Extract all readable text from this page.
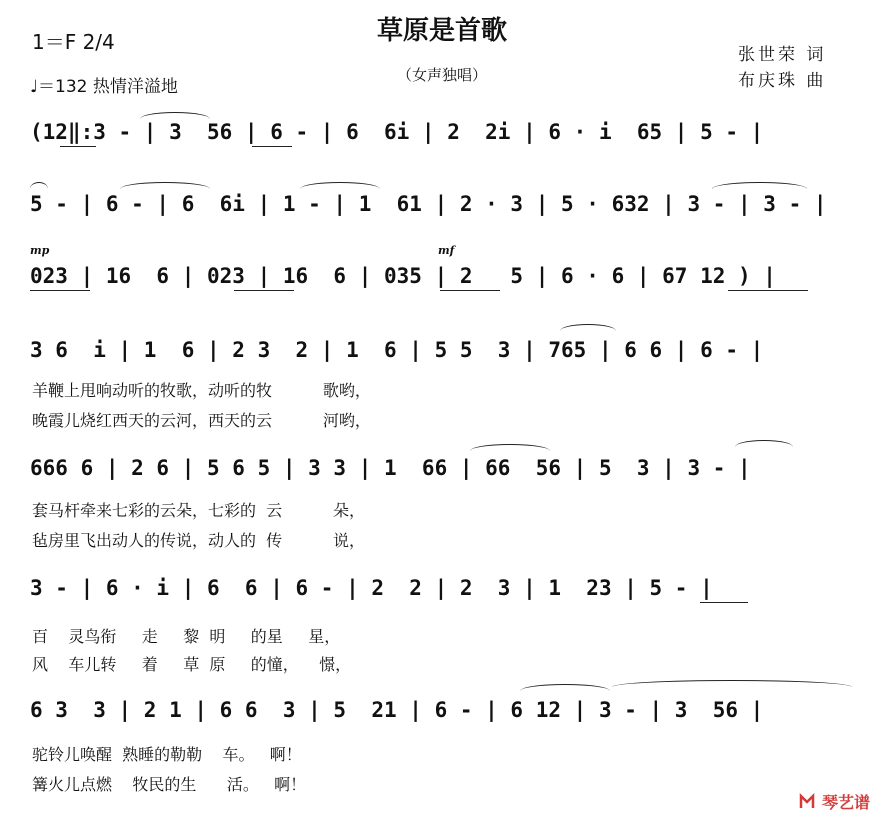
草原是首歌
（女声独唱）
1＝F 2/4
♩＝132 热情洋溢地
张世荣 词
布庆珠 曲
(12‖:3 - | 3  56 | 6 - | 6  6i | 2  2i | 6 · i  65 | 5 - |
5 - | 6 - | 6  6i | 1 - | 1  61 | 2 · 3 | 5 · 632 | 3 - | 3 - |
mp	mf
023 | 16  6 | 023 | 16  6 | 035 | 2   5 | 6 · 6 | 67 12 ) |
3 6  i | 1  6 | 2 3  2 | 1  6 | 5 5  3 | 765 | 6 6 | 6 - |
羊鞭上甩响动听的牧歌，动听的牧          歌哟，
晚霞儿烧红西天的云河，西天的云          河哟，
666 6 | 2 6 | 5 6 5 | 3 3 | 1  66 | 66  56 | 5  3 | 3 - |
套马杆牵来七彩的云朵，七彩的  云          朵，
毡房里飞出动人的传说，动人的  传          说，
3 - | 6 · i | 6  6 | 6 - | 2  2 | 2  3 | 1  23 | 5 - |
百    灵鸟衔     走     黎  明     的星     星，
风    车儿转     着     草  原     的憧，    憬，
6 3  3 | 2 1 | 6 6  3 | 5  21 | 6 - | 6 12 | 3 - | 3  56 |
驼铃儿唤醒  熟睡的勒勒    车。   啊！
篝火儿点燃    牧民的生      活。   啊！
琴艺谱
